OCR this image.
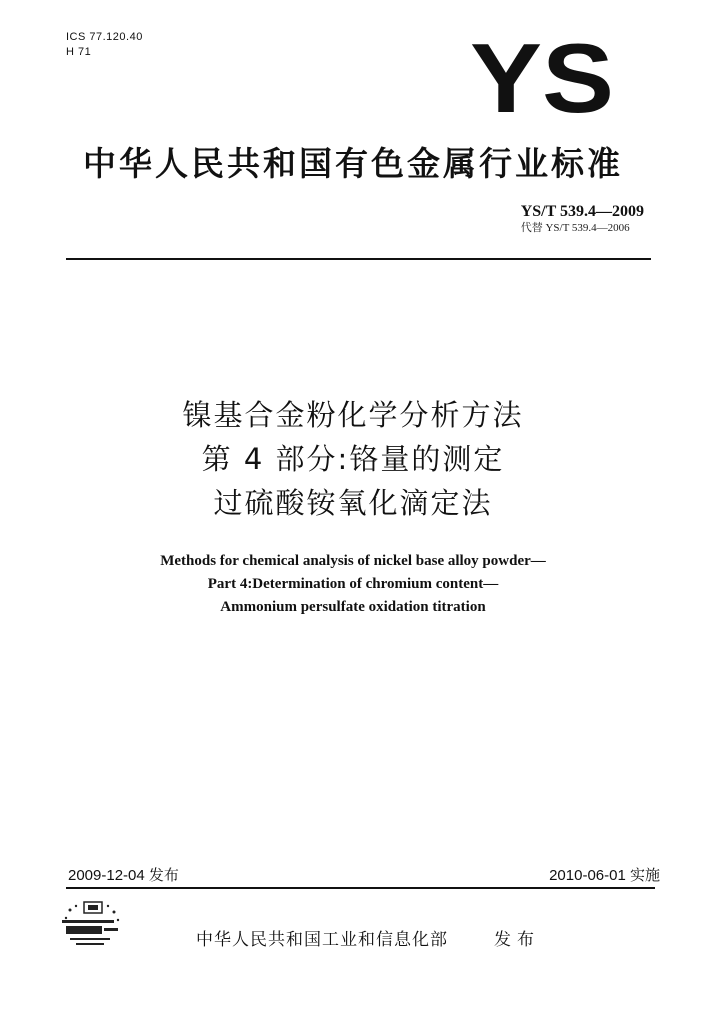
ICS 77.120.40
H 71	YS
中华人民共和国有色金属行业标准
YS/T 539.4—2009
代替 YS/T 539.4—2006
镍基合金粉化学分析方法
第 4 部分:铬量的测定
过硫酸铵氧化滴定法
Methods for chemical analysis of nickel base alloy powder—
Part 4:Determination of chromium content—
Ammonium persulfate oxidation titration
2009-12-04 发布	2010-06-01 实施
中华人民共和国工业和信息化部	发布
